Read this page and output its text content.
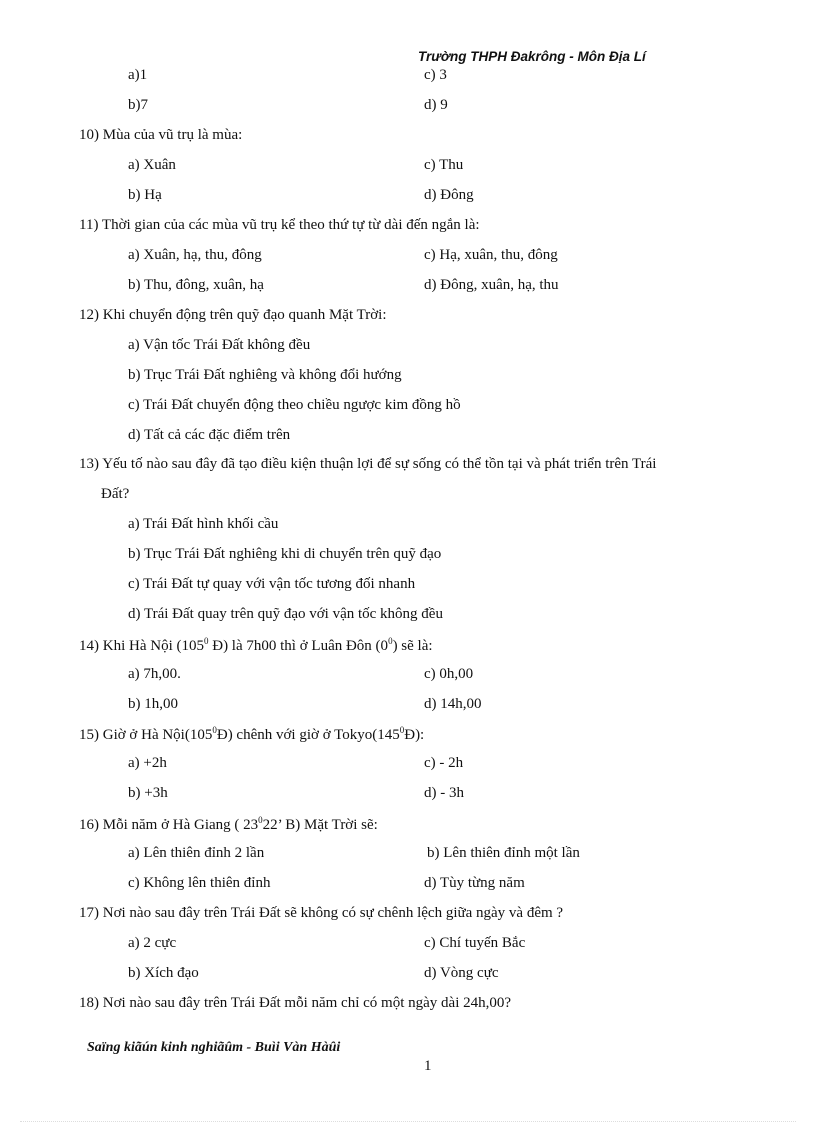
Trường THPH Đakrông - Môn Địa Lí
a)1	c) 3
b)7	d) 9
10) Mùa của vũ trụ là mùa:
a) Xuân	c) Thu
b) Hạ	d) Đông
11) Thời gian của các mùa vũ trụ kể theo thứ tự từ dài đến ngắn là:
a) Xuân, hạ, thu, đông	c) Hạ, xuân, thu, đông
b) Thu, đông, xuân, hạ	d) Đông, xuân, hạ, thu
12) Khi chuyển động trên quỹ đạo quanh Mặt Trời:
a) Vận tốc Trái Đất không đều
b) Trục Trái Đất nghiêng và không đổi hướng
c) Trái Đất chuyển động theo chiều ngược kim đồng hồ
d) Tất cả các đặc điểm trên
13) Yếu tố nào sau đây đã tạo điều kiện thuận lợi để sự sống có thể tồn tại và phát triển trên Trái
Đất?
a) Trái Đất hình khối cầu
b) Trục Trái Đất nghiêng khi di chuyển trên quỹ đạo
c) Trái Đất tự quay với vận tốc tương đối nhanh
d) Trái Đất quay trên quỹ đạo với vận tốc không đều
14) Khi Hà Nội ($105^0$ Đ) là 7h00 thì ở Luân Đôn $(0^0)$ sẽ là:
a) 7h,00.	c) 0h,00
b) 1h,00	d) 14h,00
15) Giờ ở Hà $Nội(105^0Đ)$ chênh với giờ ở $Tokyo(145^0Đ)$:
a) +2h	c) - 2h
b) +3h	d) - 3h
16) Mỗi năm ở Hà Giang ( $23^022$’ B) Mặt Trời sẽ:
a) Lên thiên đỉnh 2 lần	b) Lên thiên đỉnh một lần
c) Không lên thiên đỉnh	d) Tùy từng năm
17) Nơi nào sau đây trên Trái Đất sẽ không có sự chênh lệch giữa ngày và đêm ?
a) 2 cực	c) Chí tuyến Bắc
b) Xích đạo	d) Vòng cực
18) Nơi nào sau đây trên Trái Đất mỗi năm chỉ có một ngày dài 24h,00?
Saïng kiãún kinh nghiãûm - Buìi Vàn Hàûi
1
